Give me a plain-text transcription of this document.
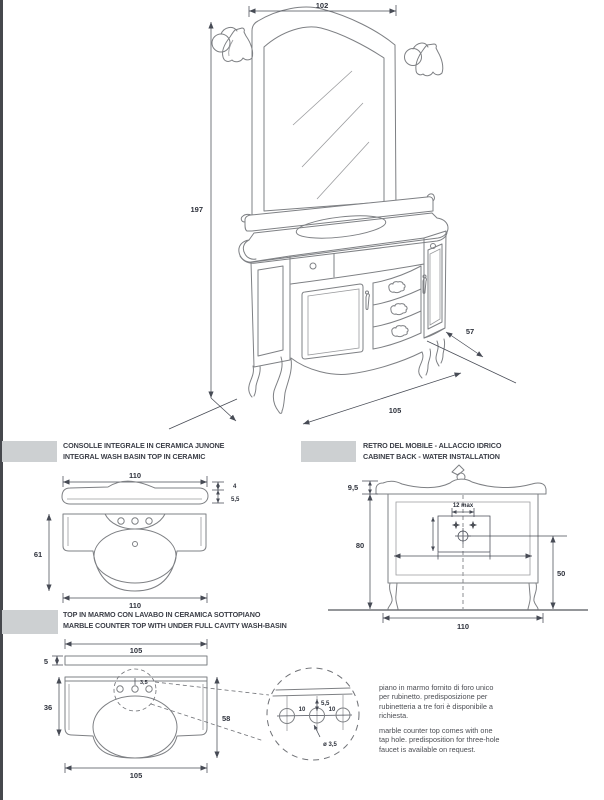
102
197
57
105
110
4
5,5
61
110
12 max
9,5
80
50
110
105
5
3,5
36
58
105
10
5,5
10
ø 3,5
CONSOLLE INTEGRALE IN CERAMICA JUNONE
INTEGRAL WASH BASIN TOP IN CERAMIC
RETRO DEL MOBILE - ALLACCIO IDRICO
CABINET BACK - WATER INSTALLATION
TOP IN MARMO CON LAVABO IN CERAMICA SOTTOPIANO
MARBLE COUNTER TOP WITH UNDER FULL CAVITY WASH-BASIN
piano in marmo fornito di foro unico
per rubinetto. predisposizione per
rubinetteria a tre fori è disponibile a
richiesta.
marble counter top comes with one
tap hole. predisposition for three-hole
faucet is available on request.
